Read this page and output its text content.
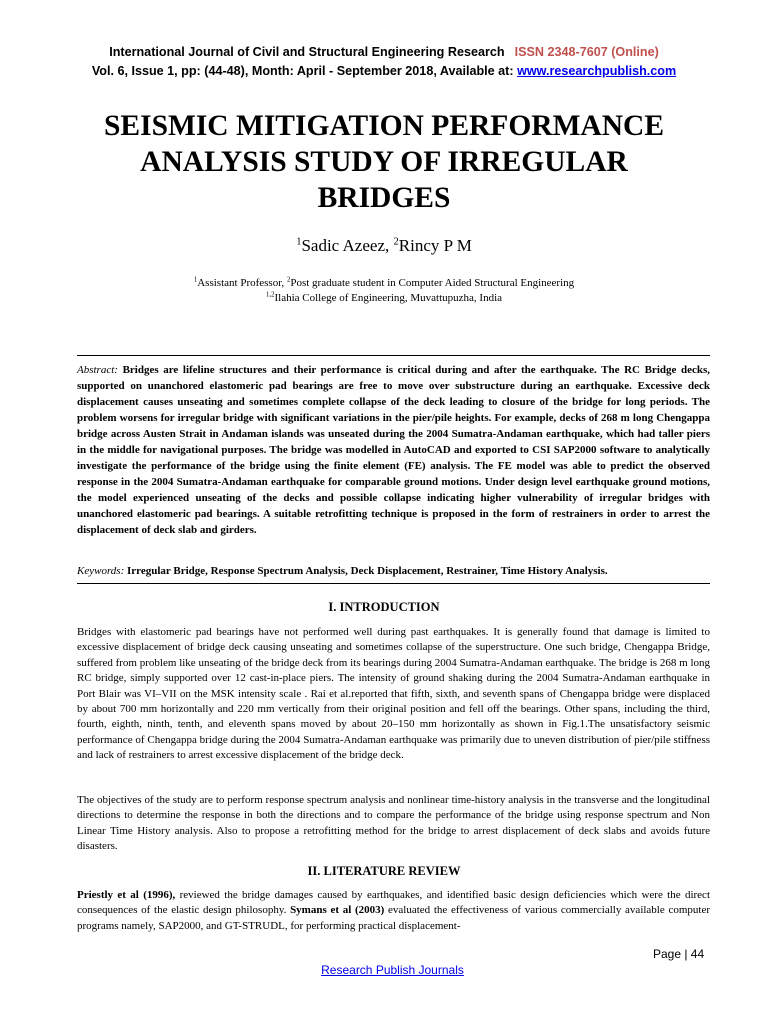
International Journal of Civil and Structural Engineering Research ISSN 2348-7607 (Online)
Vol. 6, Issue 1, pp: (44-48), Month: April - September 2018, Available at: www.researchpublish.com
SEISMIC MITIGATION PERFORMANCE
ANALYSIS STUDY OF IRREGULAR
BRIDGES
$^1$Sadic Azeez, $^2$Rincy P M
$^1$Assistant Professor, $^2$Post graduate student in Computer Aided Structural Engineering
$^{1,2}$Ilahia College of Engineering, Muvattupuzha, India
Abstract: Bridges are lifeline structures and their performance is critical during and after the earthquake. The RC Bridge decks, supported on unanchored elastomeric pad bearings are free to move over substructure during an earthquake. Excessive deck displacement causes unseating and sometimes complete collapse of the deck leading to closure of the bridge for long periods. The problem worsens for irregular bridge with significant variations in the pier/pile heights. For example, decks of 268 m long Chengappa bridge across Austen Strait in Andaman islands was unseated during the 2004 Sumatra-Andaman earthquake, which had taller piers in the middle for navigational purposes. The bridge was modelled in AutoCAD and exported to CSI SAP2000 software to analytically investigate the performance of the bridge using the finite element (FE) analysis. The FE model was able to predict the observed response in the 2004 Sumatra-Andaman earthquake for comparable ground motions. Under design level earthquake ground motions, the model experienced unseating of the decks and possible collapse indicating higher vulnerability of irregular bridges with unanchored elastomeric pad bearings. A suitable retrofitting technique is proposed in the form of restrainers in order to arrest the displacement of deck slab and girders.
Keywords: Irregular Bridge, Response Spectrum Analysis, Deck Displacement, Restrainer, Time History Analysis.
I. INTRODUCTION

Bridges with elastomeric pad bearings have not performed well during past earthquakes. It is generally found that damage is limited to excessive displacement of bridge deck causing unseating and sometimes collapse of the superstructure. One such bridge, Chengappa Bridge, suffered from problem like unseating of the bridge deck from its bearings during 2004 Sumatra-Andaman earthquake. The bridge is 268 m long RC bridge, simply supported over 12 cast-in-place piers. The intensity of ground shaking during the 2004 Sumatra-Andaman earthquake in Port Blair was VI–VII on the MSK intensity scale . Rai et al.reported that fifth, sixth, and seventh spans of Chengappa bridge were displaced by about 700 mm horizontally and 220 mm vertically from their original position and fell off the bearings. Other spans, including the third, fourth, eighth, ninth, tenth, and eleventh spans moved by about 20–150 mm horizontally as shown in Fig.1.The unsatisfactory seismic performance of Chengappa bridge during the 2004 Sumatra-Andaman earthquake was primarily due to uneven distribution of pier/pile stiffness and lack of restrainers to arrest excessive displacement of the bridge deck.

The objectives of the study are to perform response spectrum analysis and nonlinear time-history analysis in the transverse and the longitudinal directions to determine the response in both the directions and to compare the performance of the bridge using response spectrum and Non Linear Time History analysis. Also to propose a retrofitting method for the bridge to arrest displacement of deck slabs and avoids future disasters.

II. LITERATURE REVIEW

Priestly et al (1996), reviewed the bridge damages caused by earthquakes, and identified basic design deficiencies which were the direct consequences of the elastic design philosophy. Symans et al (2003) evaluated the effectiveness of various commercially available computer programs namely, SAP2000, and GT-STRUDL, for performing practical displacement-

Page | 44
Research Publish Journals
